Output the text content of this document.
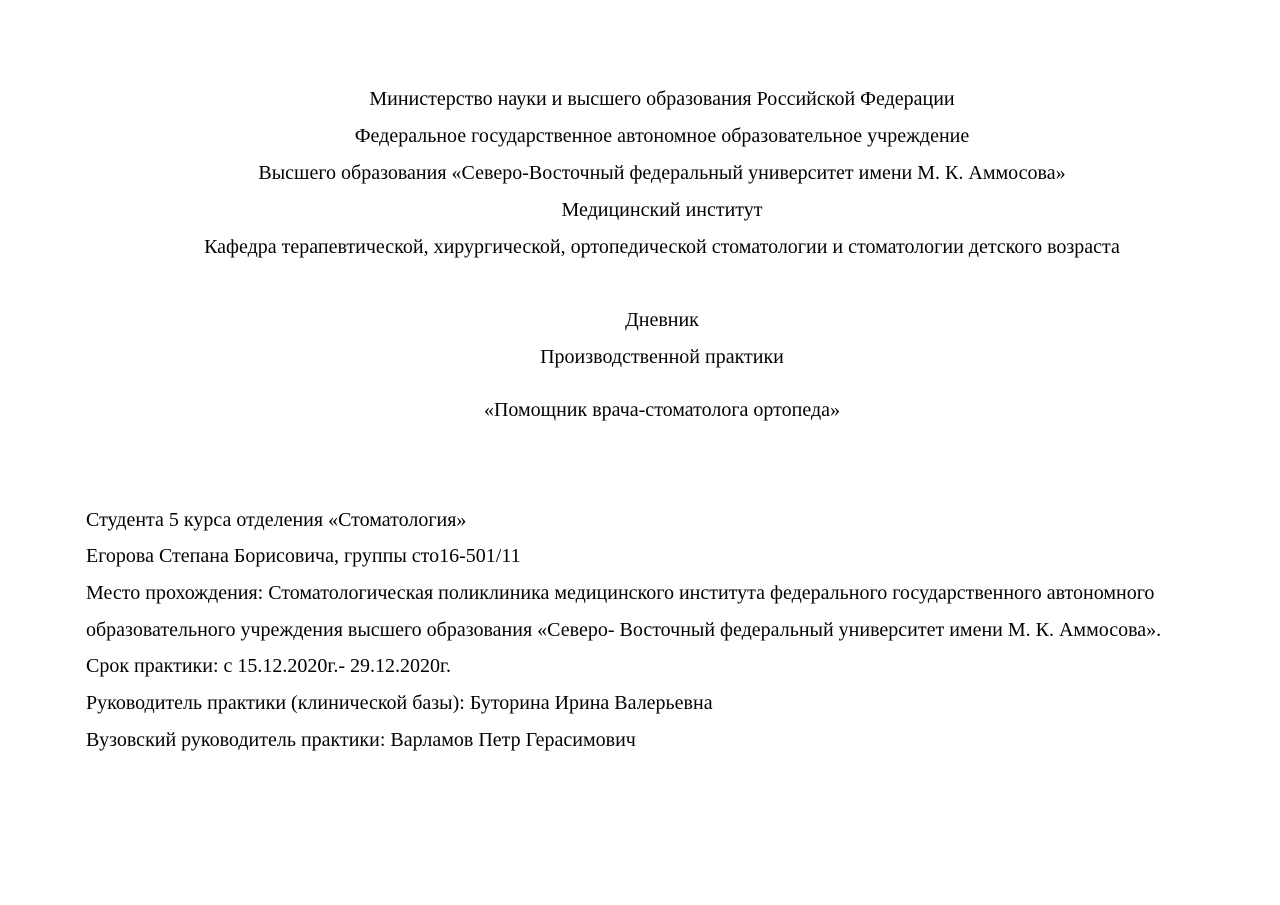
Министерство науки и высшего образования Российской Федерации
Федеральное государственное автономное образовательное учреждение
Высшего образования «Северо-Восточный федеральный университет имени М. К. Аммосова»
Медицинский институт
Кафедра терапевтической, хирургической, ортопедической стоматологии и стоматологии детского возраста
Дневник
Производственной практики
«Помощник врача-стоматолога ортопеда»
Студента 5 курса отделения «Стоматология»
Егорова Степана Борисовича, группы сто16-501/11
Место прохождения: Стоматологическая поликлиника медицинского института федерального государственного автономного
образовательного учреждения высшего образования «Северо- Восточный федеральный университет имени М. К. Аммосова».
Срок практики: с 15.12.2020г.- 29.12.2020г.
Руководитель практики (клинической базы): Буторина Ирина Валерьевна
Вузовский руководитель практики: Варламов Петр Герасимович
